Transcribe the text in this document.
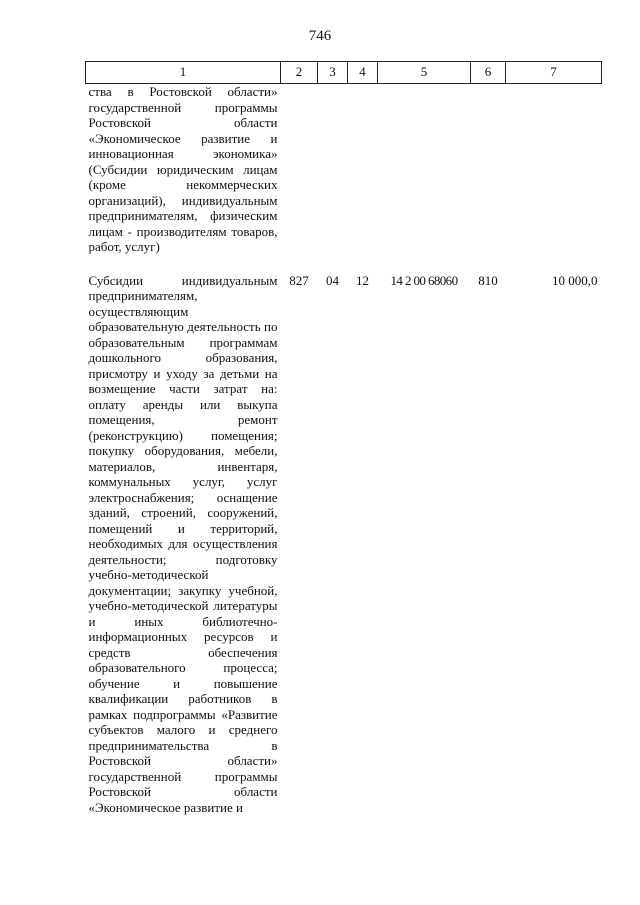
746
1	2	3	4	5	6	7
ства в Ростовской области» государственной программы Ростовской области «Экономическое развитие и инновационная экономика» (Субсидии юридическим лицам (кроме некоммерческих организаций), индивидуальным предпринимателям, физическим лицам - производителям товаров, работ, услуг)						
Субсидии индивидуальным предпринимателям, осуществляющим образовательную деятельность по образовательным программам дошкольного образования, присмотру и уходу за детьми на возмещение части затрат на: оплату аренды или выкупа помещения, ремонт (реконструкцию) помещения; покупку оборудования, мебели, материалов, инвентаря, коммунальных услуг, услуг электроснабжения; оснащение зданий, строений, сооружений, помещений и территорий, необходимых для осуществления деятельности; подготовку учебно-методической документации; закупку учебной, учебно-методической литературы и иных библиотечно-информационных ресурсов и средств обеспечения образовательного процесса; обучение и повышение квалификации работников в рамках подпрограммы «Развитие субъектов малого и среднего предпринимательства в Ростовской области» государственной программы Ростовской области «Экономическое развитие и	827	04	12	14 2 00 68060	810	10 000,0
